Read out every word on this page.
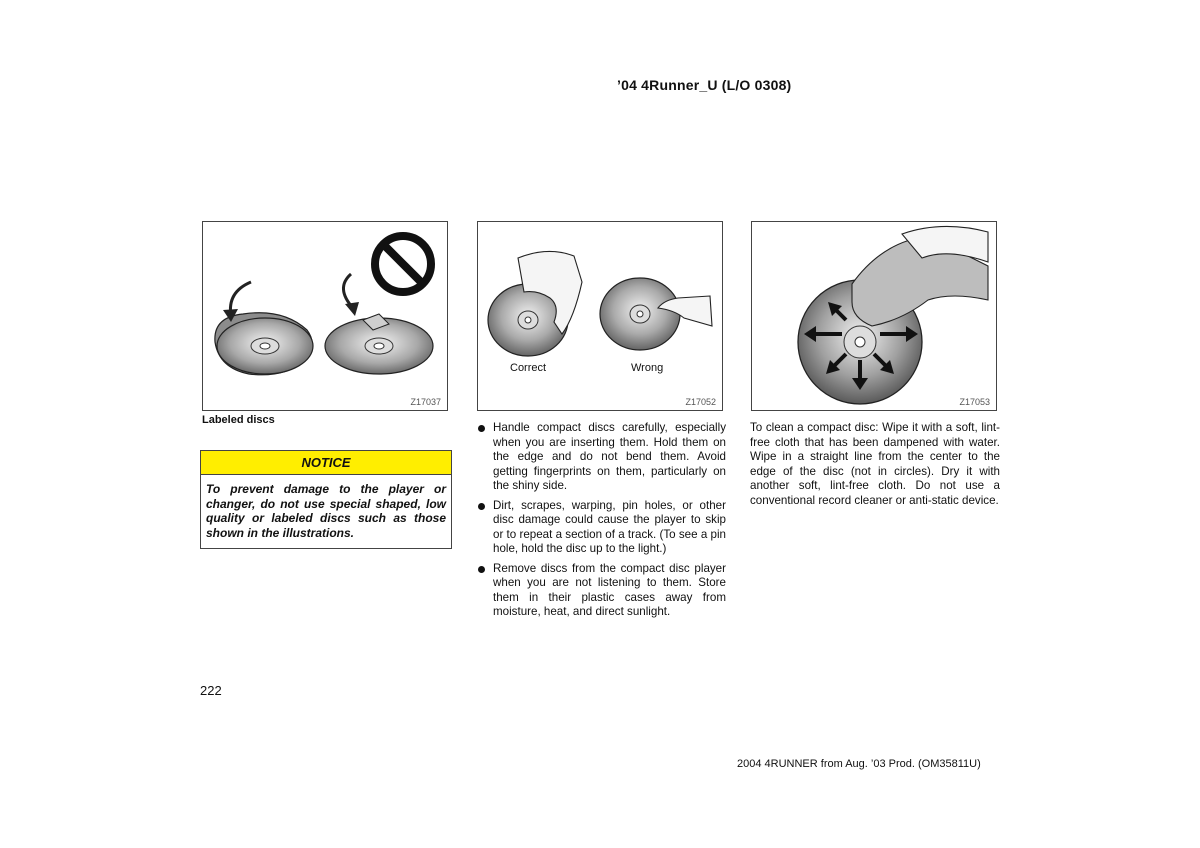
’04 4Runner_U (L/O 0308)
Z17037
Correct	Wrong
Z17052	Z17053
Labeled discs
NOTICE
To prevent damage to the player or changer, do not use special shaped, low quality or labeled discs such as those shown in the illustrations.
Handle compact discs carefully, especially when you are inserting them. Hold them on the edge and do not bend them. Avoid getting fingerprints on them, particularly on the shiny side.
Dirt, scrapes, warping, pin holes, or other disc damage could cause the player to skip or to repeat a section of a track. (To see a pin hole, hold the disc up to the light.)
Remove discs from the compact disc player when you are not listening to them. Store them in their plastic cases away from moisture, heat, and direct sunlight.
To clean a compact disc: Wipe it with a soft, lint-free cloth that has been dampened with water. Wipe in a straight line from the center to the edge of the disc (not in circles). Dry it with another soft, lint-free cloth. Do not use a conventional record cleaner or anti-static device.
222
2004 4RUNNER from Aug. ’03 Prod. (OM35811U)
